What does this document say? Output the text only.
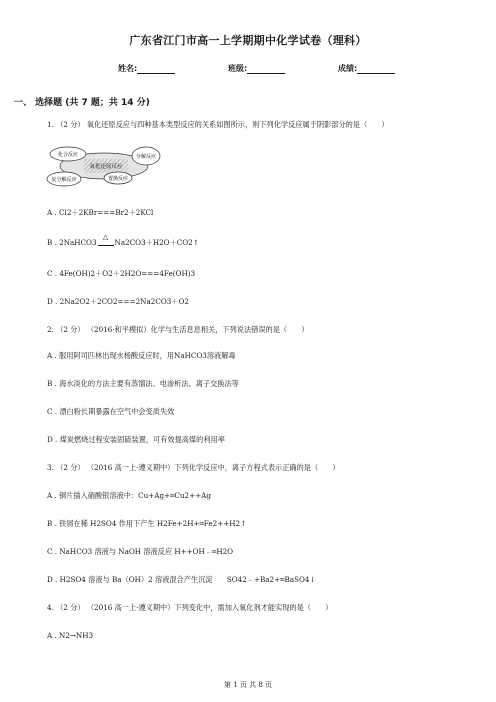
广东省江门市高一上学期期中化学试卷（理科）
姓名:	班级:	成绩:
一、 选择题 (共 7 题；共 14 分)
1. （2 分） 氧化还原反应与四种基本类型反应的关系如图所示，则下列化学反应属于阴影部分的是（　　）
化合反应	分解反应
氧化还原反应
复分解反应	置换反应
A . Cl2＋2KBr===Br2＋2KCl
B . 2NaHCO3
△
Na2CO3＋H2O＋CO2↑
C . 4Fe(OH)2＋O2＋2H2O===4Fe(OH)3
D . 2Na2O2＋2CO2===2Na2CO3＋O2
2. （2 分） （2016·和平模拟）化学与生活息息相关，下列说法错误的是（　　）
A . 服用阿司匹林出现水杨酸反应时，用NaHCO3溶液解毒
B . 海水淡化的方法主要有蒸馏法、电渗析法、离子交换法等
C . 漂白粉长期暴露在空气中会变质失效
D . 煤炭燃烧过程安装固硫装置，可有效提高煤的利用率
3. （2 分） （2016 高一上·遵义期中）下列化学反应中，离子方程式表示正确的是（　　）
A . 铜片插入硝酸银溶液中：Cu+Ag+═Cu2++Ag
B . 铁屑在稀 H2SO4 作用下产生 H2Fe+2H+═Fe2++H2↑
C . NaHCO3 溶液与 NaOH 溶液反应 H++OH﹣═H2O
D . H2SO4 溶液与 Ba（OH）2 溶液混合产生沉淀　　SO42﹣+Ba2+═BaSO4↓
4. （2 分） （2016 高一上·遵义期中）下列变化中，需加入氧化剂才能实现的是（　　）
A . N2→NH3
第 1 页 共 8 页
